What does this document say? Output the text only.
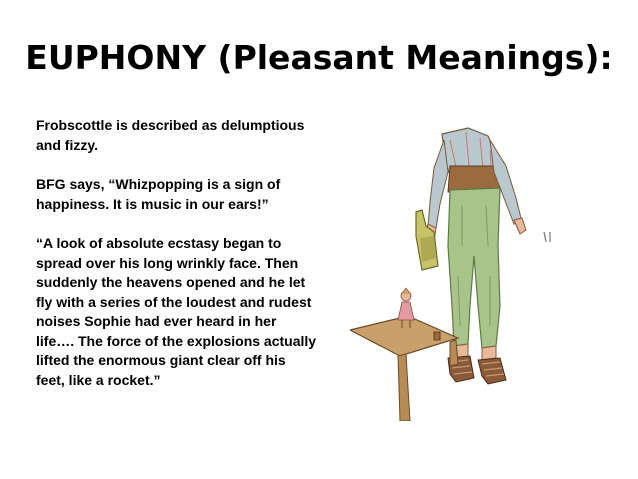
EUPHONY (Pleasant Meanings):

Frobscottle is described as delumptious and fizzy.

BFG says, “Whizpopping is a sign of happiness. It is music in our ears!”

“A look of absolute ecstasy began to spread over his long wrinkly face. Then suddenly the heavens opened and he let fly with a series of the loudest and rudest noises Sophie had ever heard in her life…. The force of the explosions actually lifted the enormous giant clear off his feet, like a rocket.”
